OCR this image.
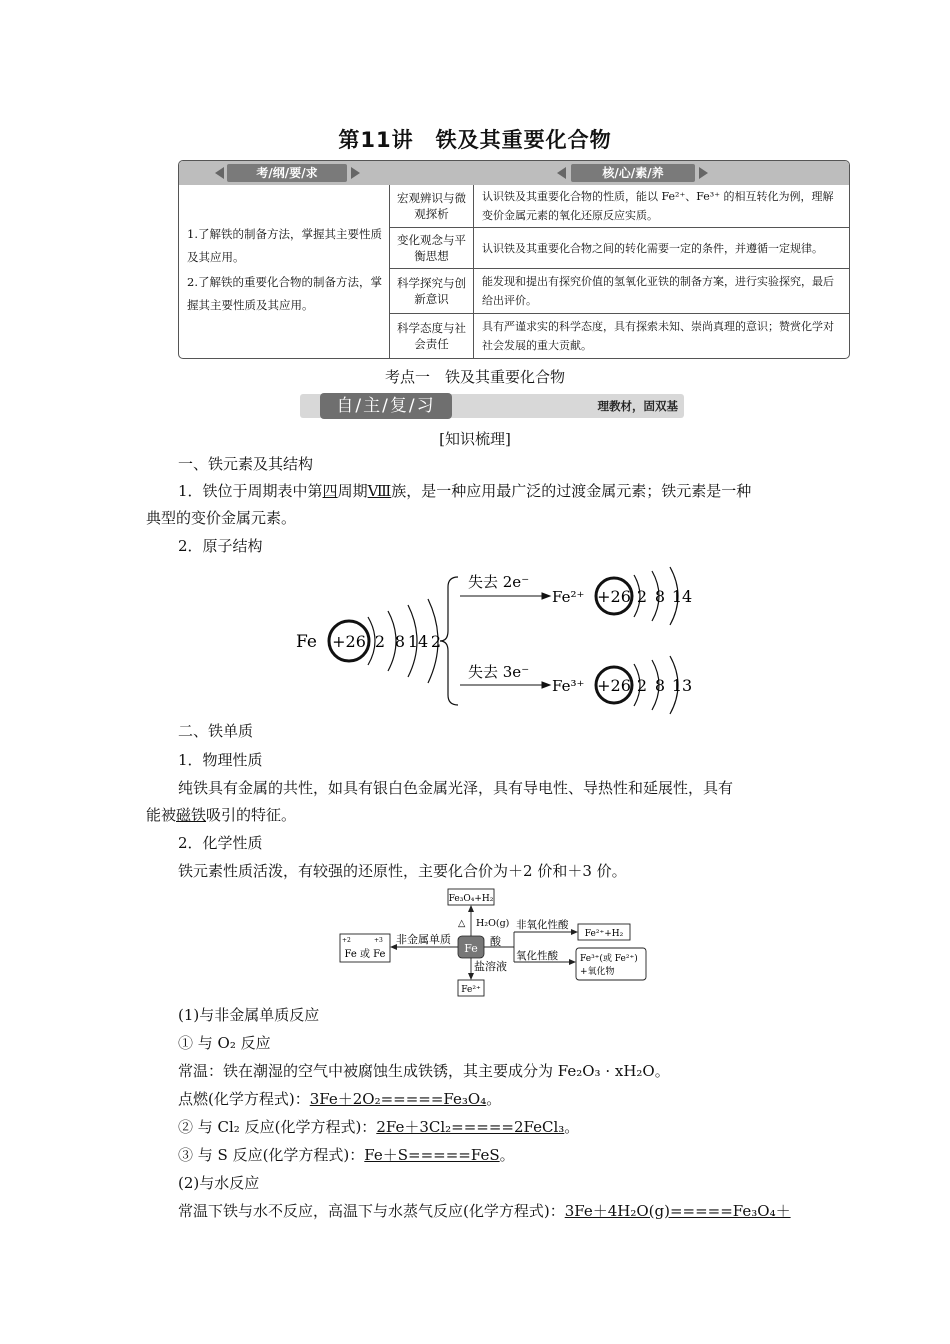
第11讲　铁及其重要化合物
考/纲/要/求	核/心/素/养
1.了解铁的制备方法，掌握其主要性质及其应用。
2.了解铁的重要化合物的制备方法，掌握其主要性质及其应用。
宏观辨识与微观探析
认识铁及其重要化合物的性质，能以 Fe²⁺、Fe³⁺ 的相互转化为例，理解变价金属元素的氧化还原反应实质。
变化观念与平衡思想
认识铁及其重要化合物之间的转化需要一定的条件，并遵循一定规律。
科学探究与创新意识
能发现和提出有探究价值的氢氧化亚铁的制备方案，进行实验探究，最后给出评价。
科学态度与社会责任
具有严谨求实的科学态度，具有探索未知、崇尚真理的意识；赞赏化学对社会发展的重大贡献。
考点一　铁及其重要化合物
自/主/复/习	理教材，固双基
[知识梳理]
一、铁元素及其结构
1．铁位于周期表中第四周期Ⅷ族，是一种应用最广泛的过渡金属元素；铁元素是一种
典型的变价金属元素。
2．原子结构
Fe +26 2 8 14 2
失去 2e⁻
失去 3e⁻
Fe²⁺
Fe³⁺
+26
+26
2 8 14
2 8 13
二、铁单质
1．物理性质
纯铁具有金属的共性，如具有银白色金属光泽，具有导电性、导热性和延展性，具有
能被磁铁吸引的特征。
2．化学性质
铁元素性质活泼，有较强的还原性，主要化合价为＋2 价和＋3 价。
Fe
Fe₃O₄+H₂
H₂O(g)
△
+2	+3
Fe 或 Fe
非金属单质
非氧化性酸
Fe²⁺+H₂
酸
氧化性酸 Fe³⁺(或 Fe²⁺)
+氧化物
盐溶液
Fe²⁺
(1)与非金属单质反应
① 与 O₂ 反应
常温：铁在潮湿的空气中被腐蚀生成铁锈，其主要成分为 Fe₂O₃ · xH₂O。
点燃(化学方程式)：3Fe＋2O₂=====Fe₃O₄。
② 与 Cl₂ 反应(化学方程式)：2Fe＋3Cl₂=====2FeCl₃。
③ 与 S 反应(化学方程式)：Fe＋S=====FeS。
(2)与水反应
常温下铁与水不反应，高温下与水蒸气反应(化学方程式)：3Fe＋4H₂O(g)=====Fe₃O₄＋
